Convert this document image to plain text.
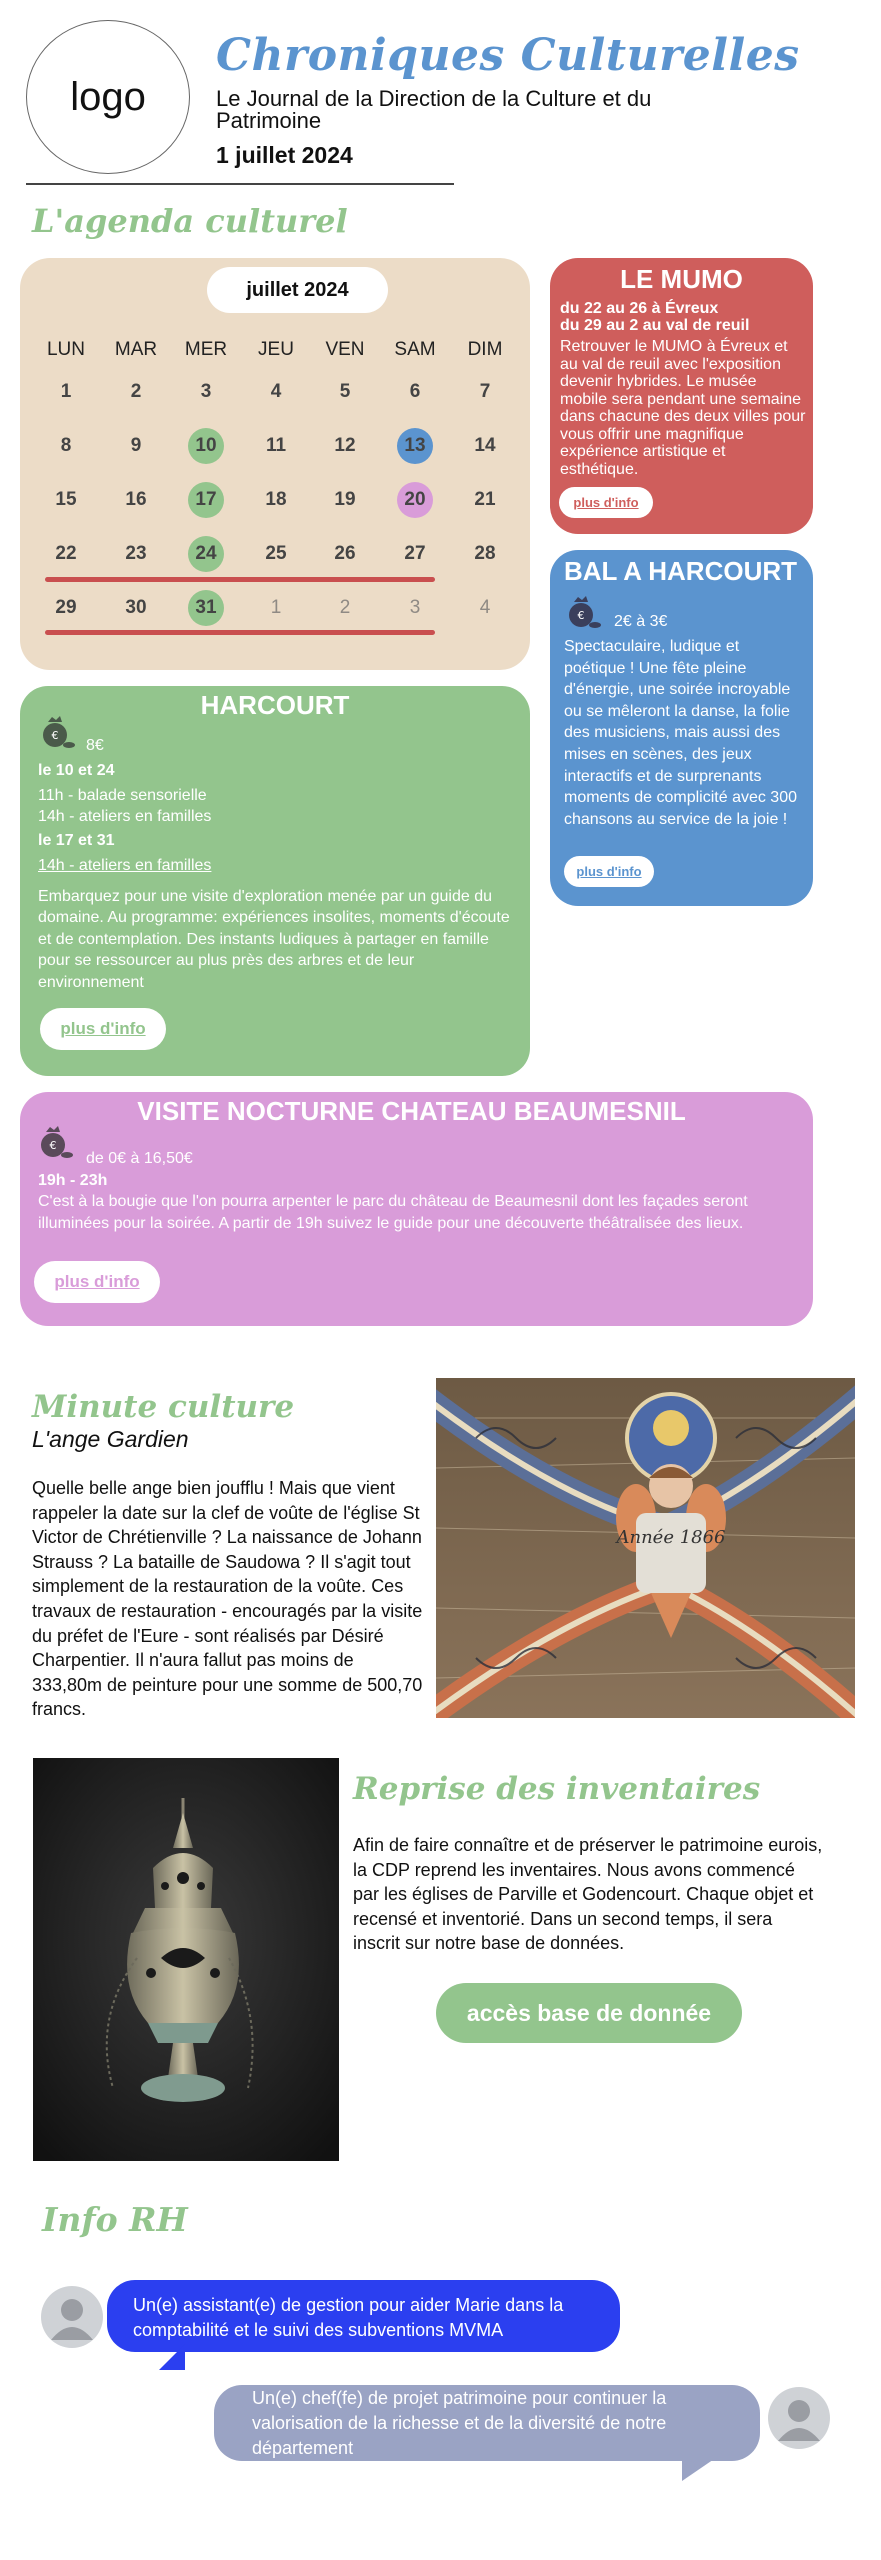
logo
Chroniques Culturelles
Le Journal de la Direction de la Culture et du Patrimoine
1 juillet 2024
L'agenda culturel
juillet 2024
LUN	MAR	MER	JEU	VEN	SAM	DIM
1	2	3	4	5	6	7
8	9	10	11	12	13	14
15	16	17	18	19	20	21
22	23	24	25	26	27	28
29	30	31	1	2	3	4
LE MUMO
du 22 au 26 à Évreux
du 29 au 2 au val de reuil
Retrouver le MUMO à Évreux et au val de reuil avec l'exposition devenir hybrides. Le musée mobile sera pendant une semaine dans chacune des deux villes pour vous offrir une magnifique expérience artistique et esthétique.
plus d'info
BAL A HARCOURT
€ 2€ à 3€
Spectaculaire, ludique et poétique ! Une fête pleine d'énergie, une soirée incroyable ou se mêleront la danse, la folie des musiciens, mais aussi des mises en scènes, des jeux interactifs et de surprenants moments de complicité avec 300 chansons au service de la joie !
plus d'info
HARCOURT
€
8€
le 10 et 24
11h - balade sensorielle
14h - ateliers en familles
le 17 et 31
14h - ateliers en familles
Embarquez pour une visite d'exploration menée par un guide du domaine. Au programme: expériences insolites, moments d'écoute et de contemplation. Des instants ludiques à partager en famille pour se ressourcer au plus près des arbres et de leur environnement
plus d'info
VISITE NOCTURNE CHATEAU BEAUMESNIL
€
de 0€ à 16,50€
19h - 23h
C'est à la bougie que l'on pourra arpenter le parc du château de Beaumesnil dont les façades seront illuminées pour la soirée. A partir de 19h suivez le guide pour une découverte théâtralisée des lieux.
plus d'info
Minute culture
L'ange Gardien
Quelle belle ange bien joufflu ! Mais que vient rappeler la date sur la clef de voûte de l'église St Victor de Chrétienville ? La naissance de Johann Strauss ? La bataille de Saudowa ? Il s'agit tout simplement de la restauration de la voûte. Ces travaux de restauration - encouragés par la visite du préfet de l'Eure - sont réalisés par Désiré Charpentier. Il n'aura fallut pas moins de 333,80m de peinture pour une somme de 500,70 francs.
Année 1866
Reprise des inventaires
Afin de faire connaître et de préserver le patrimoine eurois, la CDP reprend les inventaires. Nous avons commencé par les églises de Parville et Godencourt. Chaque objet et recensé et inventorié. Dans un second temps, il sera inscrit sur notre base de données.
accès base de donnée
Info RH
Un(e) assistant(e) de gestion pour aider Marie dans la comptabilité et le suivi des subventions MVMA
Un(e) chef(fe) de projet patrimoine pour continuer la valorisation de la richesse et de la diversité de notre département
